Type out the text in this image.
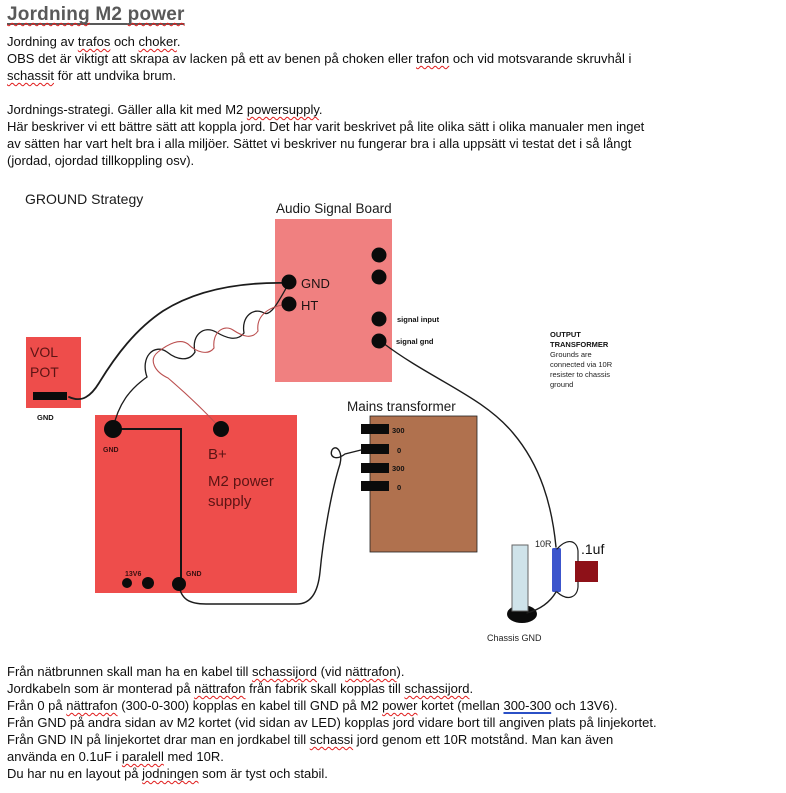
Jordning M2 power
Jordning av trafos och choker.
OBS det är viktigt att skrapa av lacken på ett av benen på choken eller trafon och vid motsvarande skruvhål i
schassit för att undvika brum.

Jordnings-strategi. Gäller alla kit med M2 powersupply.
Här beskriver vi ett bättre sätt att koppla jord. Det har varit beskrivet på lite olika sätt i olika manualer men inget
av sätten har vart helt bra i alla miljöer. Sättet vi beskriver nu fungerar bra i alla uppsätt vi testat det i så långt
(jordad, ojordad tillkoppling osv).
GROUND Strategy
Audio Signal Board
GND
HT
signal input
signal gnd
OUTPUT
TRANSFORMER
Grounds are
connected via 10R
resister to chassis
ground
VOL
POT
GND
GND	B+
M2 power
supply
13V6	GND
Mains transformer
300
0
300
0
Chassis GND
10R .1uf
Från nätbrunnen skall man ha en kabel till schassijord (vid nättrafon).
Jordkabeln som är monterad på nättrafon från fabrik skall kopplas till schassijord.
Från 0 på nättrafon (300-0-300) kopplas en kabel till GND på M2 power kortet (mellan 300-300 och 13V6).
Från GND på andra sidan av M2 kortet (vid sidan av LED) kopplas jord vidare bort till angiven plats på linjekortet.
Från GND IN på linjekortet drar man en jordkabel till schassi jord genom ett 10R motstånd. Man kan även
använda en 0.1uF i paralell med 10R.
Du har nu en layout på jodningen som är tyst och stabil.
